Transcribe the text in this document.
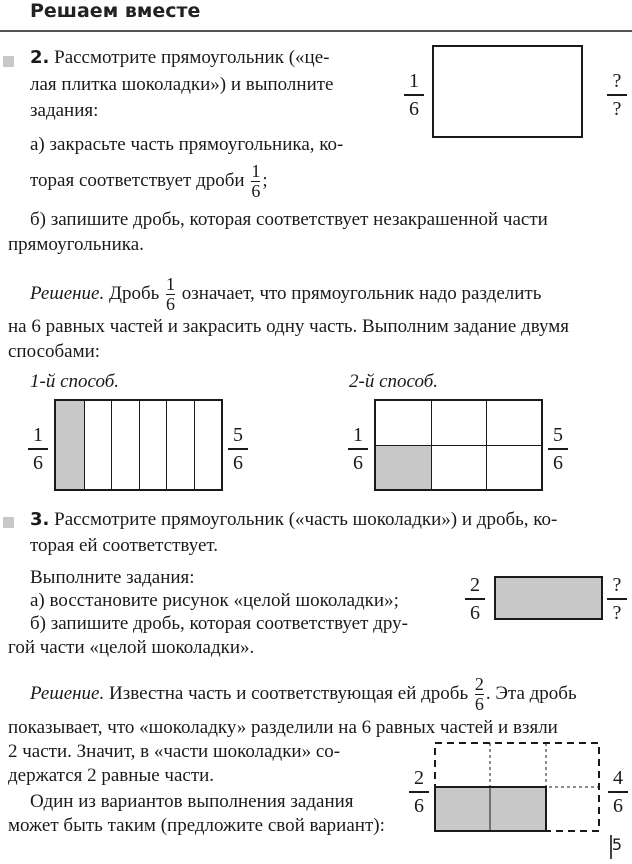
Решаем вместе
2. Рассмотрите прямоугольник («це-
лая плитка шоколадки») и выполните
задания:
а) закрасьте часть прямоугольника, ко-
торая соответствует дроби $\frac{1}{6}$ ;
1
6
?
?
б) запишите дробь, которая соответствует незакрашенной части
прямоугольника.
Решение. Дробь $\frac{1}{6}$ означает, что прямоугольник надо разделить
на 6 равных частей и закрасить одну часть. Выполним задание двумя
способами:
1-й способ.	2-й способ.
1
6
5
6
1
6
5
6
3. Рассмотрите прямоугольник («часть шоколадки») и дробь, ко-
торая ей соответствует.
Выполните задания:
а) восстановите рисунок «целой шоколадки»;
б) запишите дробь, которая соответствует дру-
гой части «целой шоколадки».
2
6
?
?
Решение. Известна часть и соответствующая ей дробь $\frac{2}{6}$ . Эта дробь
показывает, что «шоколадку» разделили на 6 равных частей и взяли
2 части. Значит, в «части шоколадки» со-
держатся 2 равные части.
Один из вариантов выполнения задания
может быть таким (предложите свой вариант):
2
6
4
6
5
